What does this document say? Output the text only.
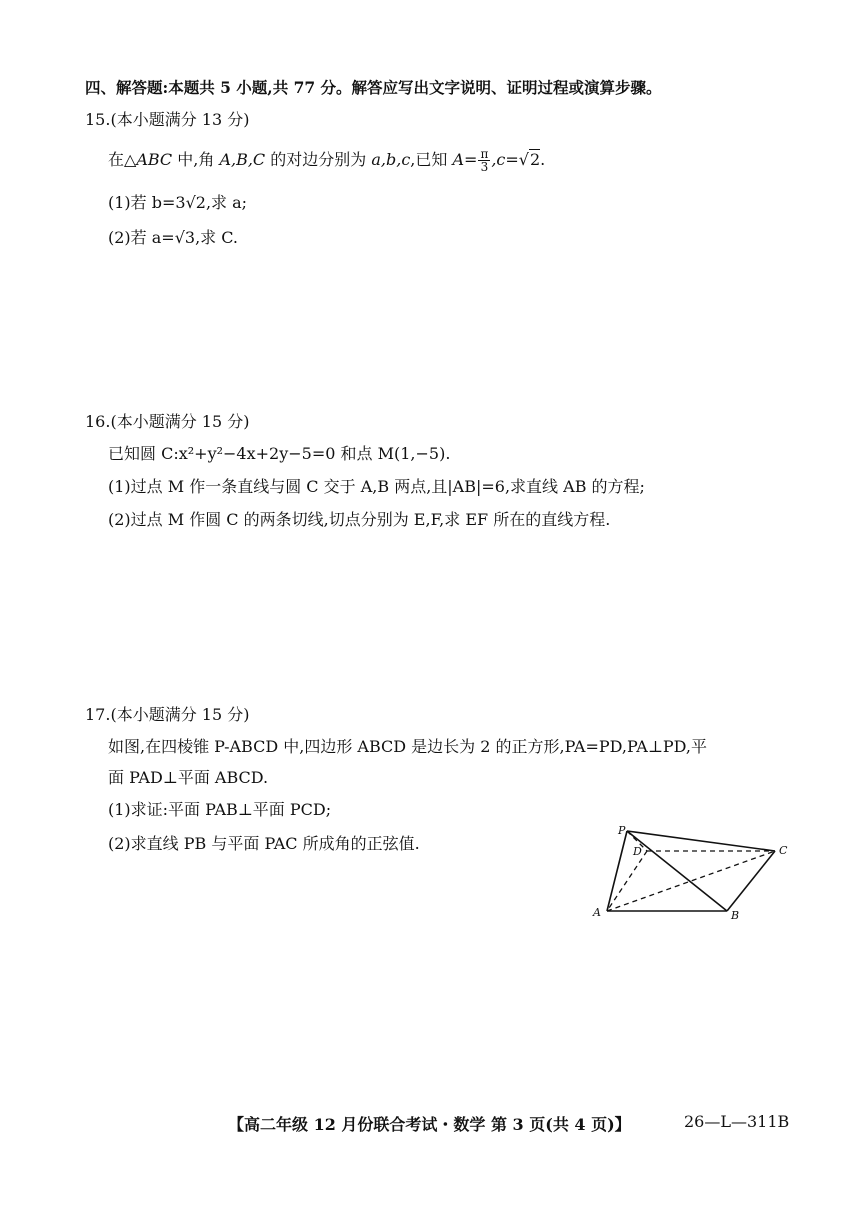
四、解答题:本题共 5 小题,共 77 分。解答应写出文字说明、证明过程或演算步骤。
15.(本小题满分 13 分)
在△ABC 中,角 A,B,C 的对边分别为 a,b,c,已知 $A= \frac{\pi}{3} ,c=√2$.
(1)若 b=3√2,求 a;
(2)若 a=√3,求 C.
16.(本小题满分 15 分)
已知圆 C:x²+y²−4x+2y−5=0 和点 M(1,−5).
(1)过点 M 作一条直线与圆 C 交于 A,B 两点,且|AB|=6,求直线 AB 的方程;
(2)过点 M 作圆 C 的两条切线,切点分别为 E,F,求 EF 所在的直线方程.
17.(本小题满分 15 分)
如图,在四棱锥 P-ABCD 中,四边形 ABCD 是边长为 2 的正方形,PA=PD,PA⊥PD,平
面 PAD⊥平面 ABCD.
(1)求证:平面 PAB⊥平面 PCD;
(2)求直线 PB 与平面 PAC 所成角的正弦值.
P
D	C
A	B
【高二年级 12 月份联合考试・数学 第 3 页(共 4 页)】	26—L—311B
